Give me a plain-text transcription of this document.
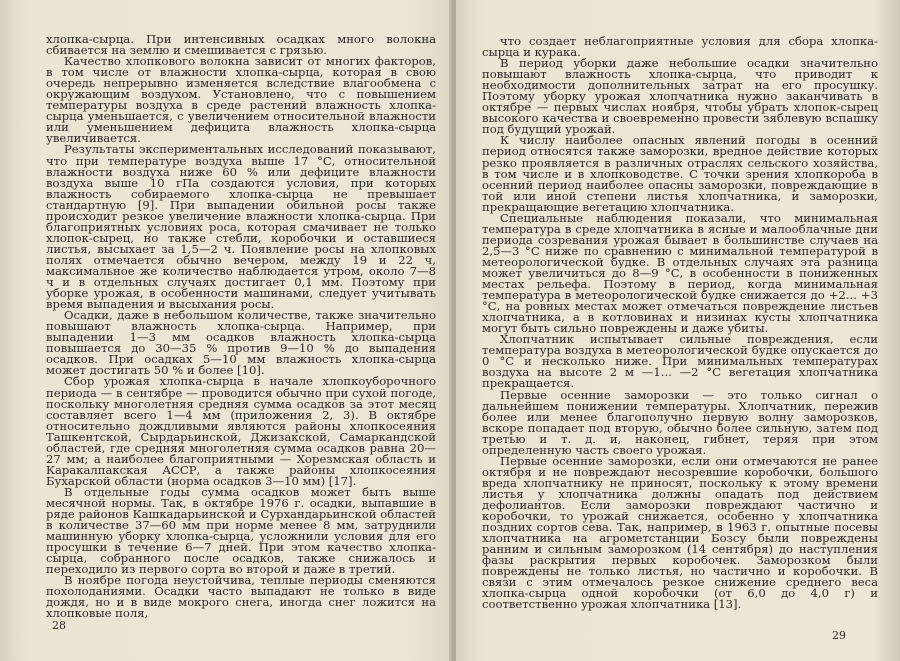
хлопка-сырца. При интенсивных осадках много волокна сбивается на землю и смешивается с грязью.

Качество хлопкового волокна зависит от многих факторов, в том числе от влажности хлопка-сырца, которая в свою очередь непрерывно изменяется вследствие влагообмена с окружающим воздухом. Установлено, что с повышением температуры воздуха в среде растений влажность хлопка-сырца уменьшается, с увеличением относительной влажности или уменьшением дефицита влажность хлопка-сырца увеличивается.

Результаты экспериментальных исследований показывают, что при температуре воздуха выше 17 °С, относительной влажности воздуха ниже 60 % или дефиците влажности воздуха выше 10 гПа создаются условия, при которых влажность собираемого хлопка-сырца не превышает стандартную [9]. При выпадении обильной росы также происходит резкое увеличение влажности хлопка-сырца. При благоприятных условиях роса, которая смачивает не только хлопок-сырец, но также стебли, коробочки и оставшиеся листья, высыхает за 1,5—2 ч. Появление росы на хлопковых полях отмечается обычно вечером, между 19 и 22 ч, максимальное же количество наблюдается утром, около 7—8 ч и в отдельных случаях достигает 0,1 мм. Поэтому при уборке урожая, в особенности машинами, следует учитывать время выпадения и высыхания росы.

Осадки, даже в небольшом количестве, также значительно повышают влажность хлопка-сырца. Например, при выпадении 1—3 мм осадков влажность хлопка-сырца повышается до 30—35 % против 9—10 % до выпадения осадков. При осадках 5—10 мм влажность хлопка-сырца может достигать 50 % и более [10].

Сбор урожая хлопка-сырца в начале хлопкоуборочного периода — в сентябре — проводится обычно при сухой погоде, поскольку многолетняя средняя сумма осадков за этот месяц составляет всего 1—4 мм (приложения 2, 3). В октябре относительно дождливыми являются районы хлопкосеяния Ташкентской, Сырдарьинской, Джизакской, Самаркандской областей, где средняя многолетняя сумма осадков равна 20—27 мм; а наиболее благоприятными — Хорезмская область и Каракалпакская АССР, а также районы хлопкосеяния Бухарской области (норма осадков 3—10 мм) [17].

В отдельные годы сумма осадков может быть выше месячной нормы. Так, в октябре 1976 г. осадки, выпавшие в ряде районов Кашкадарьинской и Сурхандарьинской областей в количестве 37—60 мм при норме менее 8 мм, затруднили машинную уборку хлопка-сырца, усложнили условия для его просушки в течение 6—7 дней. При этом качество хлопка-сырца, собранного после осадков, также снижалось и переходило из первого сорта во второй и даже в третий.

В ноябре погода неустойчива, теплые периоды сменяются похолоданиями. Осадки часто выпадают не только в виде дождя, но и в виде мокрого снега, иногда снег ложится на хлопковые поля,

28

что создает неблагоприятные условия для сбора хлопка-сырца и курака.

В период уборки даже небольшие осадки значительно повышают влажность хлопка-сырца, что приводит к необходимости дополнительных затрат на его просушку. Поэтому уборку урожая хлопчатника нужно заканчивать в октябре — первых числах ноября, чтобы убрать хлопок-сырец высокого качества и своевременно провести зяблевую вспашку под будущий урожай.

К числу наиболее опасных явлений погоды в осенний период относятся также заморозки, вредное действие которых резко проявляется в различных отраслях сельского хозяйства, в том числе и в хлопководстве. С точки зрения хлопкороба в осенний период наиболее опасны заморозки, повреждающие в той или иной степени листья хлопчатника, и заморозки, прекращающие вегетацию хлопчатника.

Специальные наблюдения показали, что минимальная температура в среде хлопчатника в ясные и малооблачные дни периода созревания урожая бывает в большинстве случаев на 2,5—3 °С ниже по сравнению с минимальной температурой в метеорологической будке. В отдельных случаях эта разница может увеличиться до 8—9 °С, в особенности в пониженных местах рельефа. Поэтому в период, когда минимальная температура в метеорологической будке снижается до +2... +3 °С, на ровных местах может отмечаться повреждение листьев хлопчатника, а в котловинах и низинах кусты хлопчатника могут быть сильно повреждены и даже убиты.

Хлопчатник испытывает сильные повреждения, если температура воздуха в метеорологической будке опускается до 0 °С и несколько ниже. При минимальных температурах воздуха на высоте 2 м —1... —2 °С вегетация хлопчатника прекращается.

Первые осенние заморозки — это только сигнал о дальнейшем понижении температуры. Хлопчатник, пережив более или менее благополучно первую волну заморозков, вскоре попадает под вторую, обычно более сильную, затем под третью и т. д. и, наконец, гибнет, теряя при этом определенную часть своего урожая.

Первые осенние заморозки, если они отмечаются не ранее октября и не повреждают несозревшие коробочки, большого вреда хлопчатнику не приносят, поскольку к этому времени листья у хлопчатника должны опадать под действием дефолиантов. Если заморозки повреждают частично и коробочки, то урожай снижается, особенно у хлопчатника поздних сортов сева. Так, например, в 1963 г. опытные посевы хлопчатника на агрометстанции Бозсу были повреждены ранним и сильным заморозком (14 сентября) до наступления фазы раскрытия первых коробочек. Заморозком были повреждены не только листья, но частично и коробочки. В связи с этим отмечалось резкое снижение среднего веса хлопка-сырца одной коробочки (от 6,0 до 4,0 г) и соответственно урожая хлопчатника [13].

29
